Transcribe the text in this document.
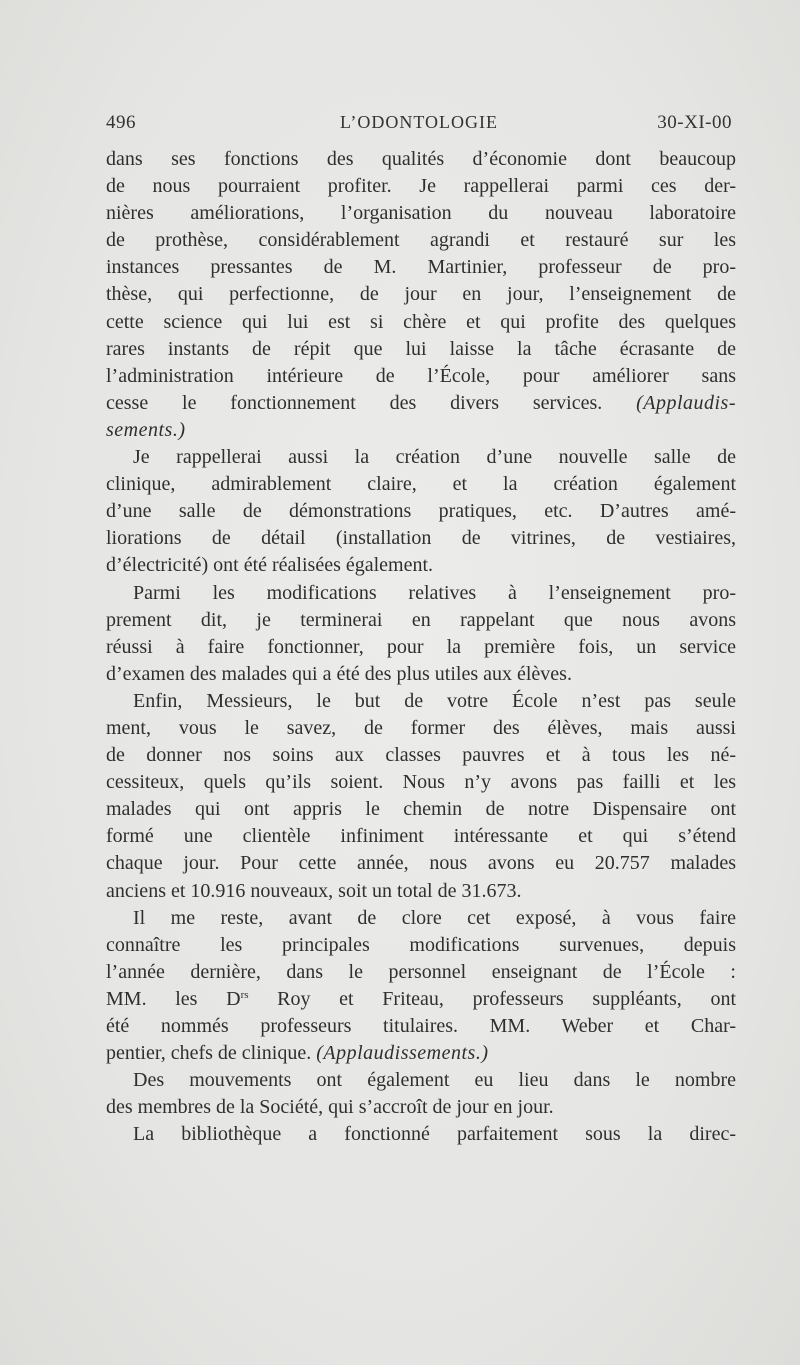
496	L’ODONTOLOGIE	30-XI-00

dans ses fonctions des qualités d’économie dont beaucoup
de nous pourraient profiter. Je rappellerai parmi ces der-
nières améliorations, l’organisation du nouveau laboratoire
de prothèse, considérablement agrandi et restauré sur les
instances pressantes de M. Martinier, professeur de pro-
thèse, qui perfectionne, de jour en jour, l’enseignement de
cette science qui lui est si chère et qui profite des quelques
rares instants de répit que lui laisse la tâche écrasante de
l’administration intérieure de l’École, pour améliorer sans
cesse le fonctionnement des divers services. (Applaudis-
sements.)

Je rappellerai aussi la création d’une nouvelle salle de
clinique, admirablement claire, et la création également
d’une salle de démonstrations pratiques, etc. D’autres amé-
liorations de détail (installation de vitrines, de vestiaires,
d’électricité) ont été réalisées également.

Parmi les modifications relatives à l’enseignement pro-
prement dit, je terminerai en rappelant que nous avons
réussi à faire fonctionner, pour la première fois, un service
d’examen des malades qui a été des plus utiles aux élèves.

Enfin, Messieurs, le but de votre École n’est pas seule
ment, vous le savez, de former des élèves, mais aussi
de donner nos soins aux classes pauvres et à tous les né-
cessiteux, quels qu’ils soient. Nous n’y avons pas failli et les
malades qui ont appris le chemin de notre Dispensaire ont
formé une clientèle infiniment intéressante et qui s’étend
chaque jour. Pour cette année, nous avons eu 20.757 malades
anciens et 10.916 nouveaux, soit un total de 31.673.

Il me reste, avant de clore cet exposé, à vous faire
connaître les principales modifications survenues, depuis
l’année dernière, dans le personnel enseignant de l’École :
MM. les $D^{rs}$ Roy et Friteau, professeurs suppléants, ont
été nommés professeurs titulaires. MM. Weber et Char-
pentier, chefs de clinique. (Applaudissements.)

Des mouvements ont également eu lieu dans le nombre
des membres de la Société, qui s’accroît de jour en jour.

La bibliothèque a fonctionné parfaitement sous la direc-
